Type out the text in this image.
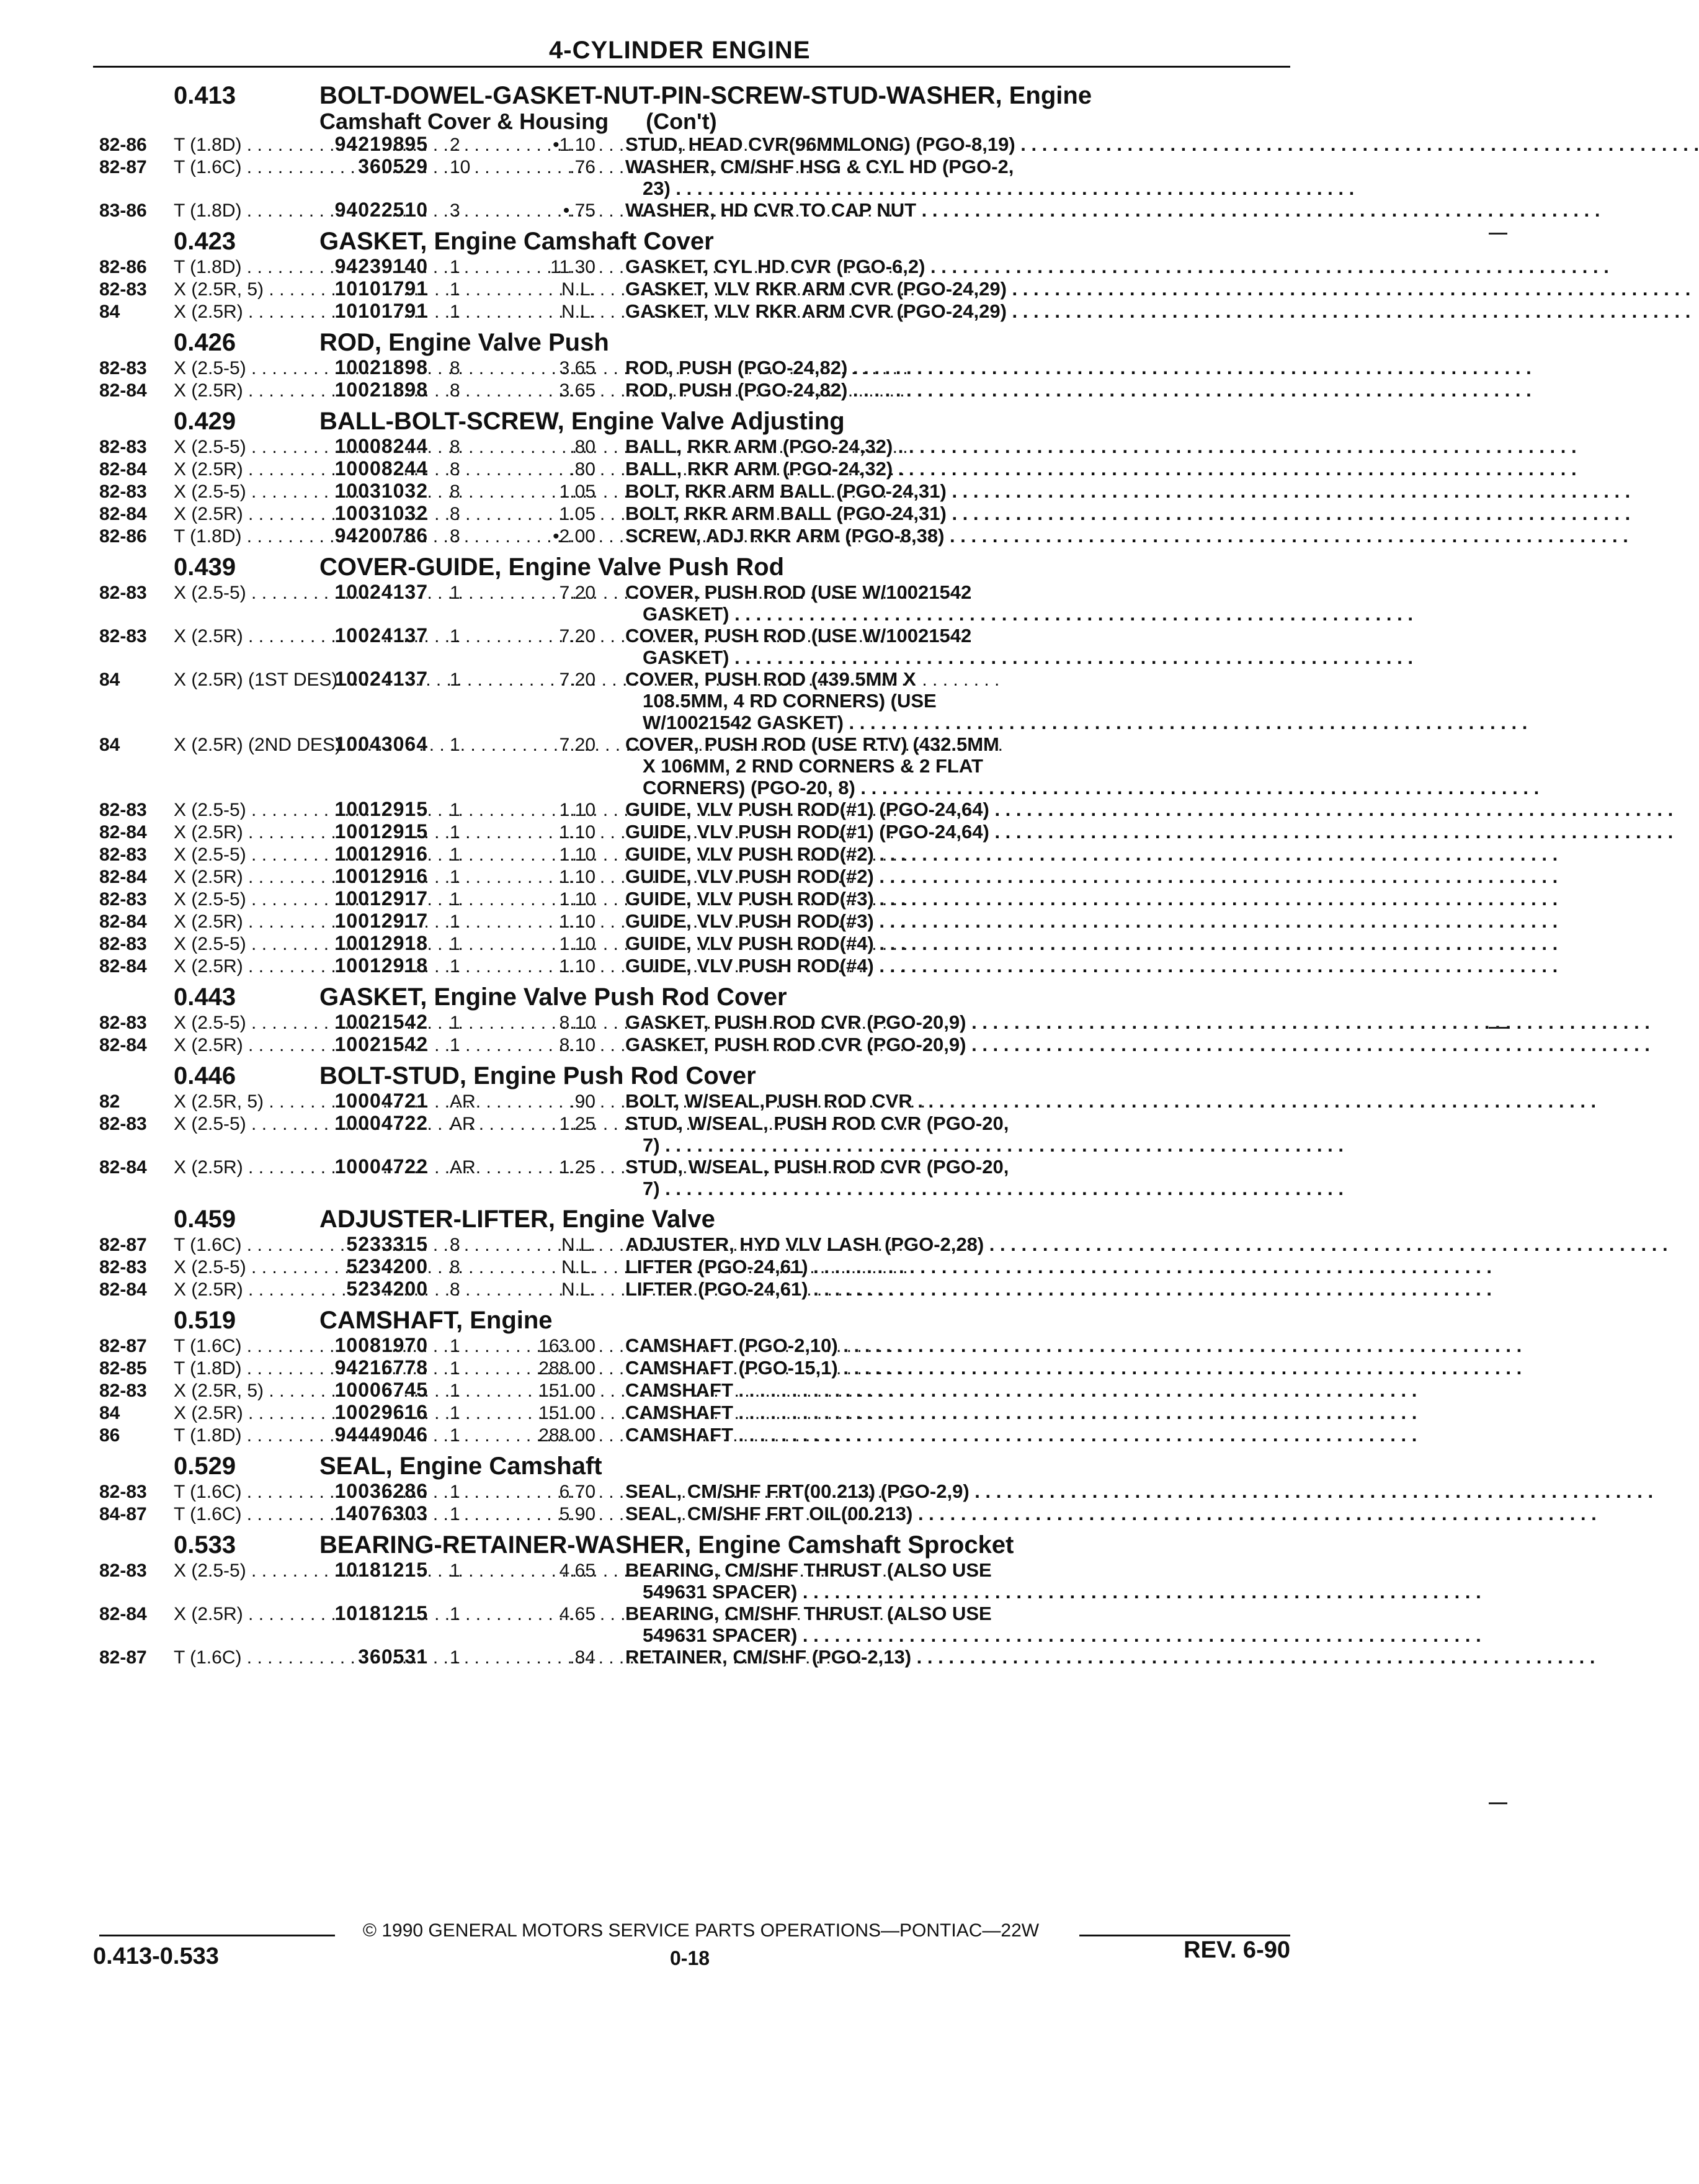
4-CYLINDER ENGINE
0.413	BOLT-DOWEL-GASKET-NUT-PIN-SCREW-STUD-WASHER, Engine
Camshaft Cover & Housing (Con't)
82-86	T (1.8D) . . .	94219895	2	•1.10 STUD, HEAD CVR(96MMLONG) (PGO-8,19) . . .
82-87	T (1.6C) . . .	360529	10	.76 WASHER, CM/SHF HSG & CYL HD (PGO-2,
23) . . .
83-86	T (1.8D) . . .	94022510	3	•.75 WASHER, HD CVR TO CAP NUT . . .
0.423	GASKET, Engine Camshaft Cover
82-86	T (1.8D) . . .	94239140	1	11.30 GASKET, CYL HD CVR (PGO-6,2) . . .
82-83	X (2.5R, 5) . . .	10101791	1	N.L. GASKET, VLV RKR ARM CVR (PGO-24,29) . . .
84	X (2.5R) . . .	10101791	1	N.L. GASKET, VLV RKR ARM CVR (PGO-24,29) . . .
0.426	ROD, Engine Valve Push
82-83	X (2.5-5) . . .	10021898	8	3.65 ROD, PUSH (PGO-24,82) . . .
82-84	X (2.5R) . . .	10021898	8	3.65 ROD, PUSH (PGO-24,82) . . .
0.429	BALL-BOLT-SCREW, Engine Valve Adjusting
82-83	X (2.5-5) . . .	10008244	8	.80 BALL, RKR ARM (PGO-24,32) . . .
82-84	X (2.5R) . . .	10008244	8	.80 BALL, RKR ARM (PGO-24,32) . . .
82-83	X (2.5-5) . . .	10031032	8	1.05 BOLT, RKR ARM BALL (PGO-24,31) . . .
82-84	X (2.5R) . . .	10031032	8	1.05 BOLT, RKR ARM BALL (PGO-24,31) . . .
82-86	T (1.8D) . . .	94200786	8	•2.00 SCREW, ADJ RKR ARM (PGO-8,38) . . .
0.439	COVER-GUIDE, Engine Valve Push Rod
82-83	X (2.5-5) . . .	10024137	1	7.20 COVER, PUSH ROD (USE W/10021542
GASKET) . . .
82-83	X (2.5R) . . .	10024137	1	7.20 COVER, PUSH ROD (USE W/10021542
GASKET) . . .
84	X (2.5R) (1ST DES) . . .
10024137	1	7.20 COVER, PUSH ROD (439.5MM X
108.5MM, 4 RD CORNERS) (USE
W/10021542 GASKET) . . .
84	X (2.5R) (2ND DES) . . .
10043064	1	7.20 COVER, PUSH ROD (USE RTV) (432.5MM
X 106MM, 2 RND CORNERS & 2 FLAT
CORNERS) (PGO-20, 8) . . .
82-83	X (2.5-5) . . .	10012915	1	1.10 GUIDE, VLV PUSH ROD(#1) (PGO-24,64) . . .
82-84	X (2.5R) . . .	10012915	1	1.10 GUIDE, VLV PUSH ROD(#1) (PGO-24,64) . . .
82-83	X (2.5-5) . . .	10012916	1	1.10 GUIDE, VLV PUSH ROD(#2) . . .
82-84	X (2.5R) . . .	10012916	1	1.10 GUIDE, VLV PUSH ROD(#2) . . .
82-83	X (2.5-5) . . .	10012917	1	1.10 GUIDE, VLV PUSH ROD(#3) . . .
82-84	X (2.5R) . . .	10012917	1	1.10 GUIDE, VLV PUSH ROD(#3) . . .
82-83	X (2.5-5) . . .	10012918	1	1.10 GUIDE, VLV PUSH ROD(#4) . . .
82-84	X (2.5R) . . .	10012918	1	1.10 GUIDE, VLV PUSH ROD(#4) . . .
0.443	GASKET, Engine Valve Push Rod Cover
82-83	X (2.5-5) . . .	10021542	1	8.10 GASKET, PUSH ROD CVR (PGO-20,9) . . .
82-84	X (2.5R) . . .	10021542	1	8.10 GASKET, PUSH ROD CVR (PGO-20,9) . . .
0.446	BOLT-STUD, Engine Push Rod Cover
82	X (2.5R, 5) . . .	10004721	AR	.90 BOLT, W/SEAL,PUSH ROD CVR . . .
82-83	X (2.5-5) . . .	10004722	AR	1.25 STUD, W/SEAL, PUSH ROD CVR (PGO-20,
7) . . .
82-84	X (2.5R) . . .	10004722	AR	1.25 STUD, W/SEAL, PUSH ROD CVR (PGO-20,
7) . . .
0.459	ADJUSTER-LIFTER, Engine Valve
82-87	T (1.6C) . . .	5233315	8	N.L. ADJUSTER, HYD VLV LASH (PGO-2,28) . . .
82-83	X (2.5-5) . . .	5234200	8	N.L. LIFTER (PGO-24,61) . . .
82-84	X (2.5R) . . .	5234200	8	N.L. LIFTER (PGO-24,61) . . .
0.519	CAMSHAFT, Engine
82-87	T (1.6C) . . .	10081970	1	163.00 CAMSHAFT (PGO-2,10) . . .
82-85	T (1.8D) . . .	94216778	1	288.00 CAMSHAFT (PGO-15,1) . . .
82-83	X (2.5R, 5) . . .	10006745	1	151.00 CAMSHAFT . . .
84	X (2.5R) . . .	10029616	1	151.00 CAMSHAFT . . .
86	T (1.8D) . . .	94449046	1	288.00 CAMSHAFT . . .
0.529	SEAL, Engine Camshaft
82-83	T (1.6C) . . .	10036286	1	6.70 SEAL, CM/SHF FRT(00.213) (PGO-2,9) . . .
84-87	T (1.6C) . . .	14076303	1	5.90 SEAL, CM/SHF FRT OIL(00.213) . . .
0.533	BEARING-RETAINER-WASHER, Engine Camshaft Sprocket
82-83	X (2.5-5) . . .	10181215	1	4.65 BEARING, CM/SHF THRUST (ALSO USE
549631 SPACER) . . .
82-84	X (2.5R) . . .	10181215	1	4.65 BEARING, CM/SHF THRUST (ALSO USE
549631 SPACER) . . .
82-87	T (1.6C) . . .	360531	1	.84 RETAINER, CM/SHF (PGO-2,13) . . .
© 1990 GENERAL MOTORS SERVICE PARTS OPERATIONS—PONTIAC—22W
0.413-0.533	0-18	REV. 6-90
